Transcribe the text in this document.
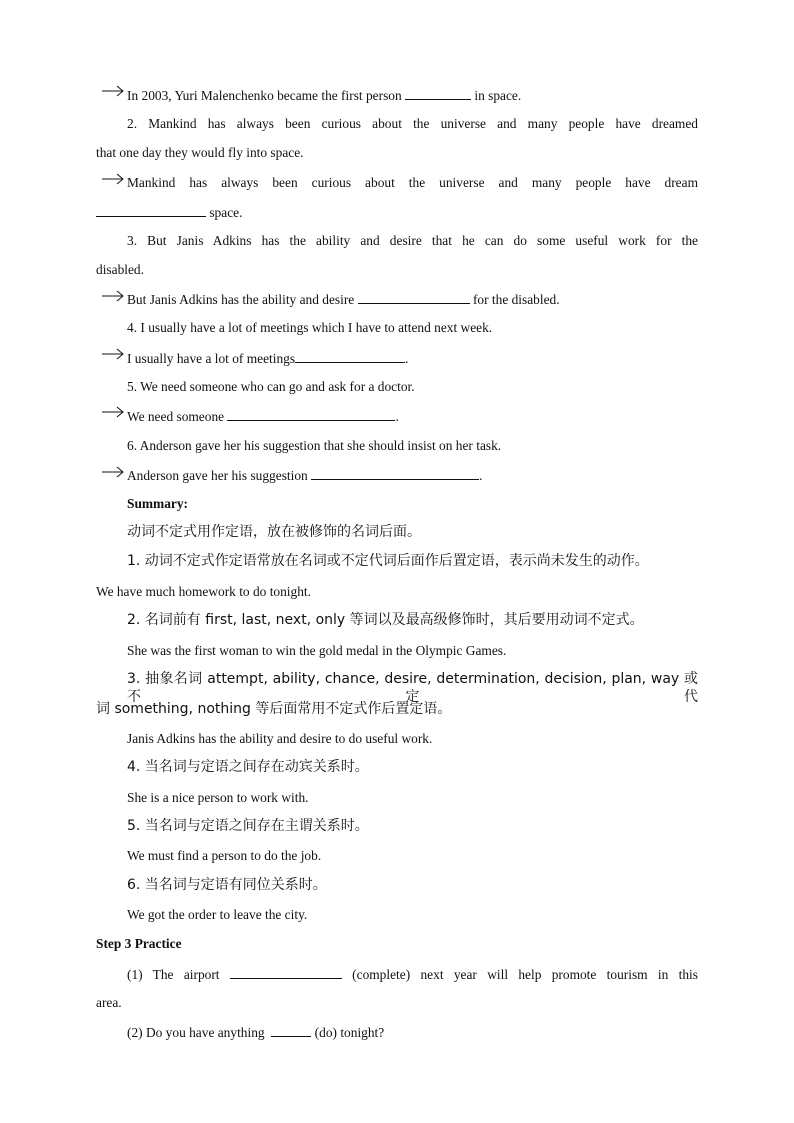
In 2003, Yuri Malenchenko became the first person	in space.
2. Mankind has always been curious about the universe and many people have dreamed
that one day they would fly into space.
Mankind has always been curious about the universe and many people have dream
space.
3. But Janis Adkins has the ability and desire that he can do some useful work for the
disabled.
But Janis Adkins has the ability and desire	for the disabled.
4. I usually have a lot of meetings which I have to attend next week.
I usually have a lot of meetings	.
5. We need someone who can go and ask for a doctor.
We need someone	.
6. Anderson gave her his suggestion that she should insist on her task.
Anderson gave her his suggestion	.
Summary:
动词不定式用作定语，放在被修饰的名词后面。
1. 动词不定式作定语常放在名词或不定代词后面作后置定语，表示尚未发生的动作。
We have much homework to do tonight.
2. 名词前有 first, last, next, only 等词以及最高级修饰时，其后要用动词不定式。
She was the first woman to win the gold medal in the Olympic Games.
3. 抽象名词 attempt, ability, chance, desire, determination, decision, plan, way 或不定代
词 something, nothing 等后面常用不定式作后置定语。
Janis Adkins has the ability and desire to do useful work.
4. 当名词与定语之间存在动宾关系时。
She is a nice person to work with.
5. 当名词与定语之间存在主谓关系时。
We must find a person to do the job.
6. 当名词与定语有同位关系时。
We got the order to leave the city.
Step 3 Practice
(1) The airport	(complete) next year will help promote tourism in this
area.
(2) Do you have anything	(do) tonight?
